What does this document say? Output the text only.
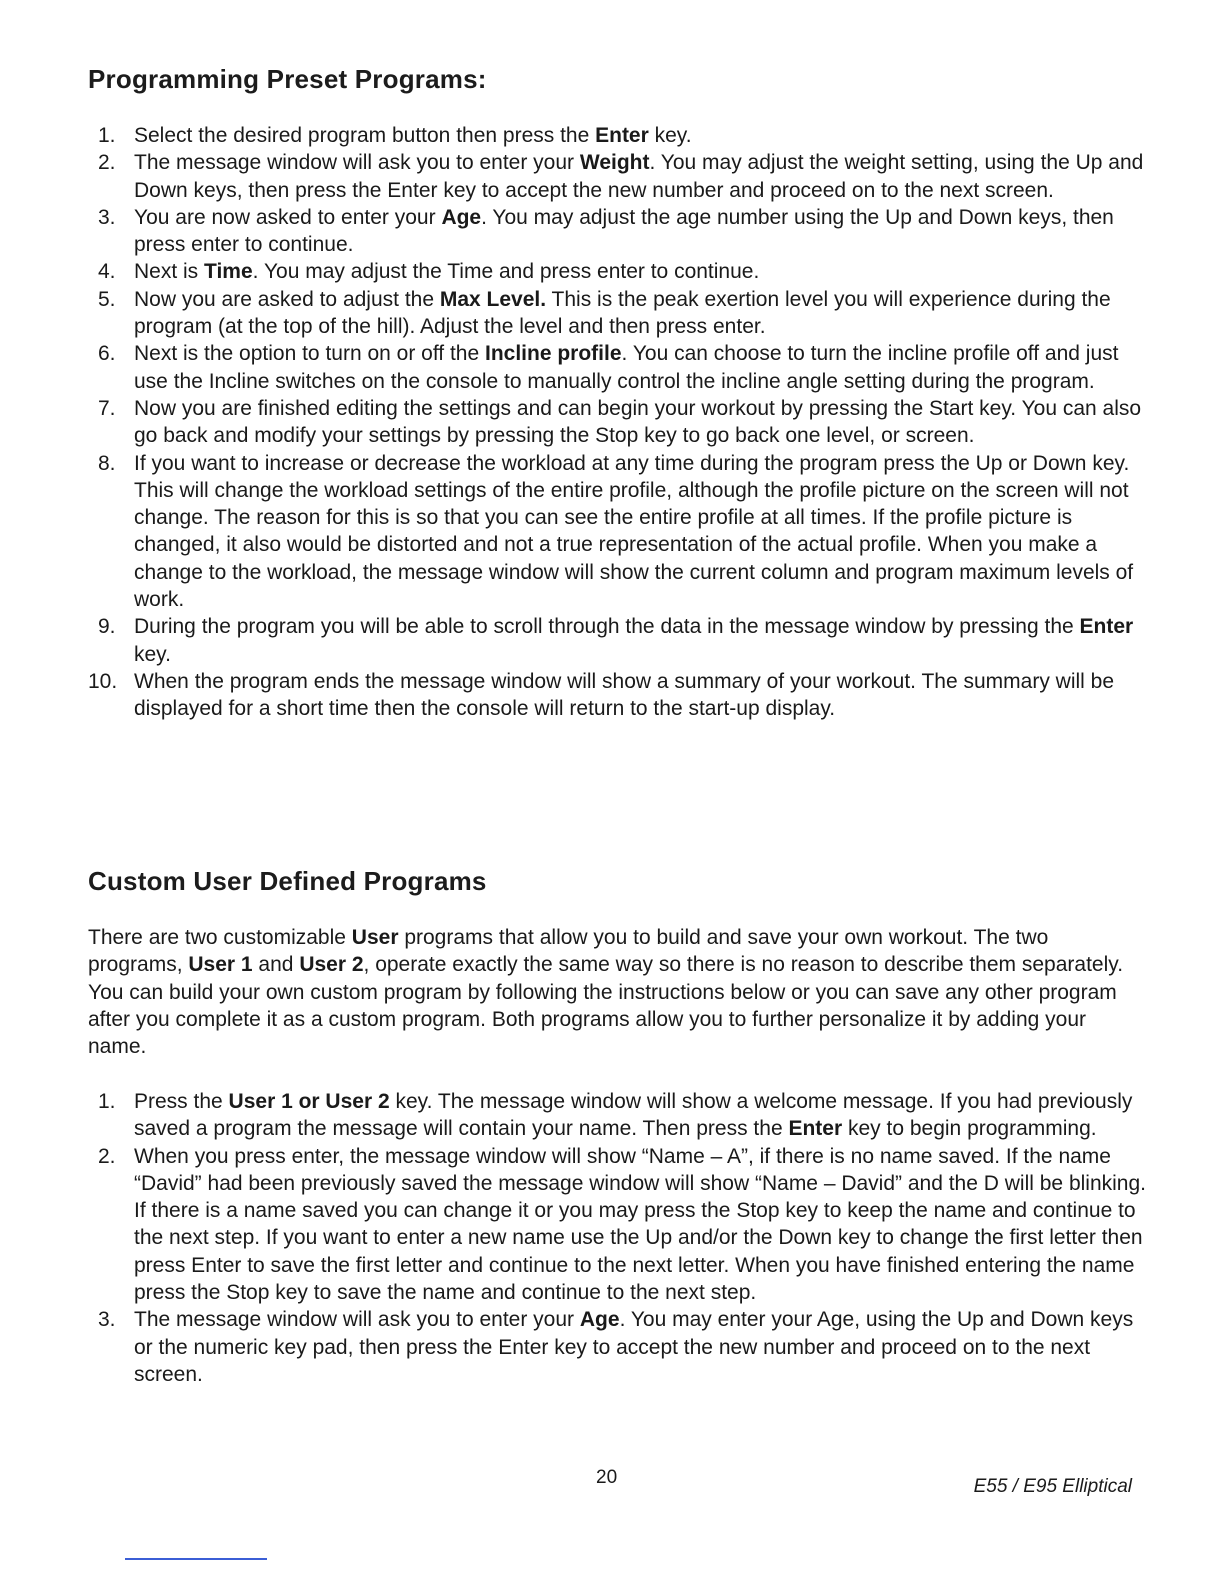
Programming Preset Programs:
1. Select the desired program button then press the Enter key.
2. The message window will ask you to enter your Weight. You may adjust the weight setting, using the Up and Down keys, then press the Enter key to accept the new number and proceed on to the next screen.
3. You are now asked to enter your Age. You may adjust the age number using the Up and Down keys, then press enter to continue.
4. Next is Time. You may adjust the Time and press enter to continue.
5. Now you are asked to adjust the Max Level. This is the peak exertion level you will experience during the program (at the top of the hill). Adjust the level and then press enter.
6. Next is the option to turn on or off the Incline profile. You can choose to turn the incline profile off and just use the Incline switches on the console to manually control the incline angle setting during the program.
7. Now you are finished editing the settings and can begin your workout by pressing the Start key. You can also go back and modify your settings by pressing the Stop key to go back one level, or screen.
8. If you want to increase or decrease the workload at any time during the program press the Up or Down key. This will change the workload settings of the entire profile, although the profile picture on the screen will not change. The reason for this is so that you can see the entire profile at all times. If the profile picture is changed, it also would be distorted and not a true representation of the actual profile. When you make a change to the workload, the message window will show the current column and program maximum levels of work.
9. During the program you will be able to scroll through the data in the message window by pressing the Enter key.
10. When the program ends the message window will show a summary of your workout. The summary will be displayed for a short time then the console will return to the start-up display.
Custom User Defined Programs

There are two customizable User programs that allow you to build and save your own workout. The two programs, User 1 and User 2, operate exactly the same way so there is no reason to describe them separately. You can build your own custom program by following the instructions below or you can save any other program after you complete it as a custom program. Both programs allow you to further personalize it by adding your name.

1. Press the User 1 or User 2 key. The message window will show a welcome message. If you had previously saved a program the message will contain your name. Then press the Enter key to begin programming.
2. When you press enter, the message window will show “Name – A”, if there is no name saved. If the name “David” had been previously saved the message window will show “Name – David” and the D will be blinking. If there is a name saved you can change it or you may press the Stop key to keep the name and continue to the next step. If you want to enter a new name use the Up and/or the Down key to change the first letter then press Enter to save the first letter and continue to the next letter. When you have finished entering the name press the Stop key to save the name and continue to the next step.
3. The message window will ask you to enter your Age. You may enter your Age, using the Up and Down keys or the numeric key pad, then press the Enter key to accept the new number and proceed on to the next screen.
20	E55 / E95 Elliptical
